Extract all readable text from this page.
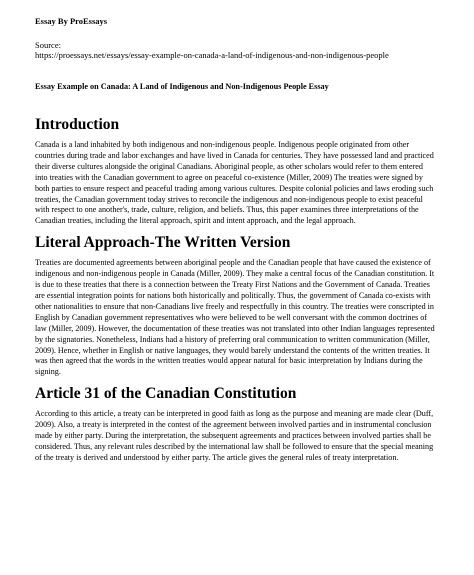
Essay By ProEssays
Source:
https://proessays.net/essays/essay-example-on-canada-a-land-of-indigenous-and-non-indigenous-people
Essay Example on Canada: A Land of Indigenous and Non-Indigenous People Essay
Introduction

Canada is a land inhabited by both indigenous and non-indigenous people. Indigenous people originated from other countries during trade and labor exchanges and have lived in Canada for centuries. They have possessed land and practiced their diverse cultures alongside the original Canadians. Aboriginal people, as other scholars would refer to them entered into treaties with the Canadian government to agree on peaceful co-existence (Miller, 2009) The treaties were signed by both parties to ensure respect and peaceful trading among various cultures. Despite colonial policies and laws eroding such treaties, the Canadian government today strives to reconcile the indigenous and non-indigenous people to exist peaceful with respect to one another's, trade, culture, religion, and beliefs. Thus, this paper examines three interpretations of the Canadian treaties, including the literal approach, spirit and intent approach, and the legal approach.

Literal Approach-The Written Version

Treaties are documented agreements between aboriginal people and the Canadian people that have caused the existence of indigenous and non-indigenous people in Canada (Miller, 2009). They make a central focus of the Canadian constitution. It is due to these treaties that there is a connection between the Treaty First Nations and the Government of Canada. Treaties are essential integration points for nations both historically and politically. Thus, the government of Canada co-exists with other nationalities to ensure that non-Canadians live freely and respectfully in this country. The treaties were conscripted in English by Canadian government representatives who were believed to be well conversant with the common doctrines of law (Miller, 2009). However, the documentation of these treaties was not translated into other Indian languages represented by the signatories. Nonetheless, Indians had a history of preferring oral communication to written communication (Miller, 2009). Hence, whether in English or native languages, they would barely understand the contents of the written treaties. It was then agreed that the words in the written treaties would appear natural for basic interpretation by Indians during the signing.

Article 31 of the Canadian Constitution

According to this article, a treaty can be interpreted in good faith as long as the purpose and meaning are made clear (Duff, 2009). Also, a treaty is interpreted in the contest of the agreement between involved parties and in instrumental conclusion made by either party. During the interpretation, the subsequent agreements and practices between involved parties shall be considered. Thus, any relevant rules described by the international law shall be followed to ensure that the special meaning of the treaty is derived and understood by either party. The article gives the general rules of treaty interpretation.
